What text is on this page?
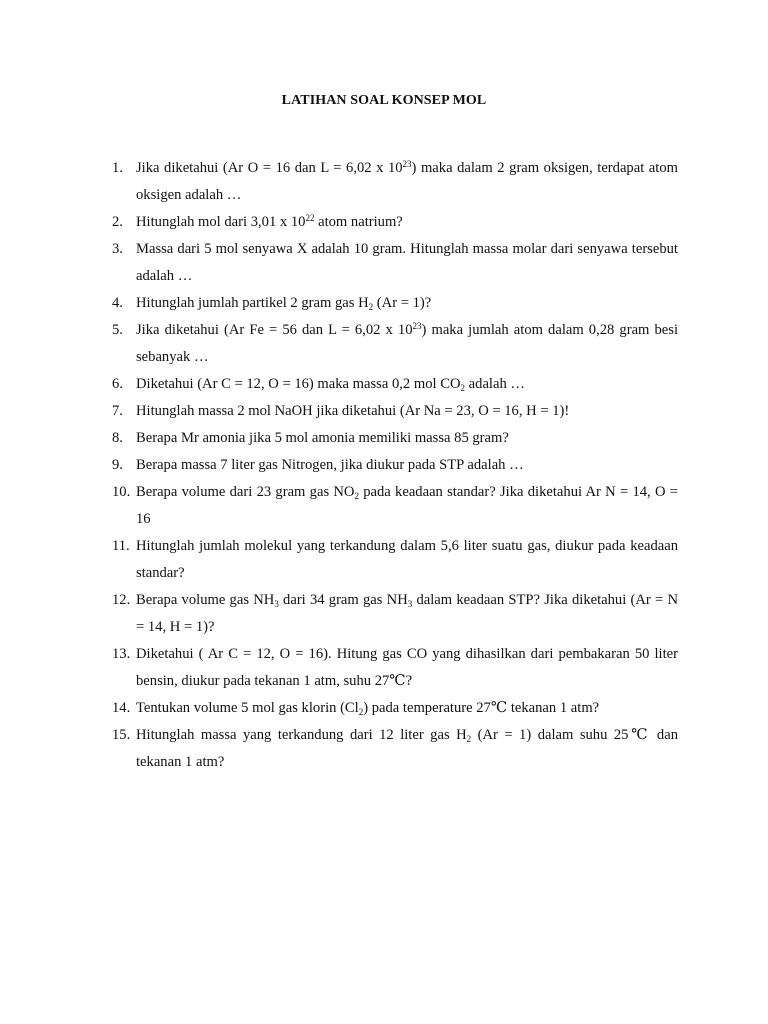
LATIHAN SOAL KONSEP MOL
1. Jika diketahui (Ar O = 16 dan L = 6,02 x $10^{23}$) maka dalam 2 gram oksigen, terdapat atom oksigen adalah …
2. Hitunglah mol dari 3,01 x $10^{22}$ atom natrium?
3. Massa dari 5 mol senyawa X adalah 10 gram. Hitunglah massa molar dari senyawa tersebut adalah …
4. Hitunglah jumlah partikel 2 gram gas $H_2$ (Ar = 1)?
5. Jika diketahui (Ar Fe = 56 dan L = 6,02 x $10^{23}$) maka jumlah atom dalam 0,28 gram besi sebanyak …
6. Diketahui (Ar C = 12, O = 16) maka massa 0,2 mol $CO_2$ adalah …
7. Hitunglah massa 2 mol NaOH jika diketahui (Ar Na = 23, O = 16, H = 1)!
8. Berapa Mr amonia jika 5 mol amonia memiliki massa 85 gram?
9. Berapa massa 7 liter gas Nitrogen, jika diukur pada STP adalah …
10. Berapa volume dari 23 gram gas $NO_2$ pada keadaan standar? Jika diketahui Ar N = 14, O = 16
11. Hitunglah jumlah molekul yang terkandung dalam 5,6 liter suatu gas, diukur pada keadaan standar?
12. Berapa volume gas $NH_3$ dari 34 gram gas $NH_3$ dalam keadaan STP? Jika diketahui (Ar = N = 14, H = 1)?
13. Diketahui ( Ar C = 12, O = 16). Hitung gas CO yang dihasilkan dari pembakaran 50 liter bensin, diukur pada tekanan 1 atm, suhu 27℃?
14. Tentukan volume 5 mol gas klorin $(Cl_2)$ pada temperature 27℃ tekanan 1 atm?
15. Hitunglah massa yang terkandung dari 12 liter gas $H_2$ (Ar = 1) dalam suhu 25℃ dan tekanan 1 atm?
